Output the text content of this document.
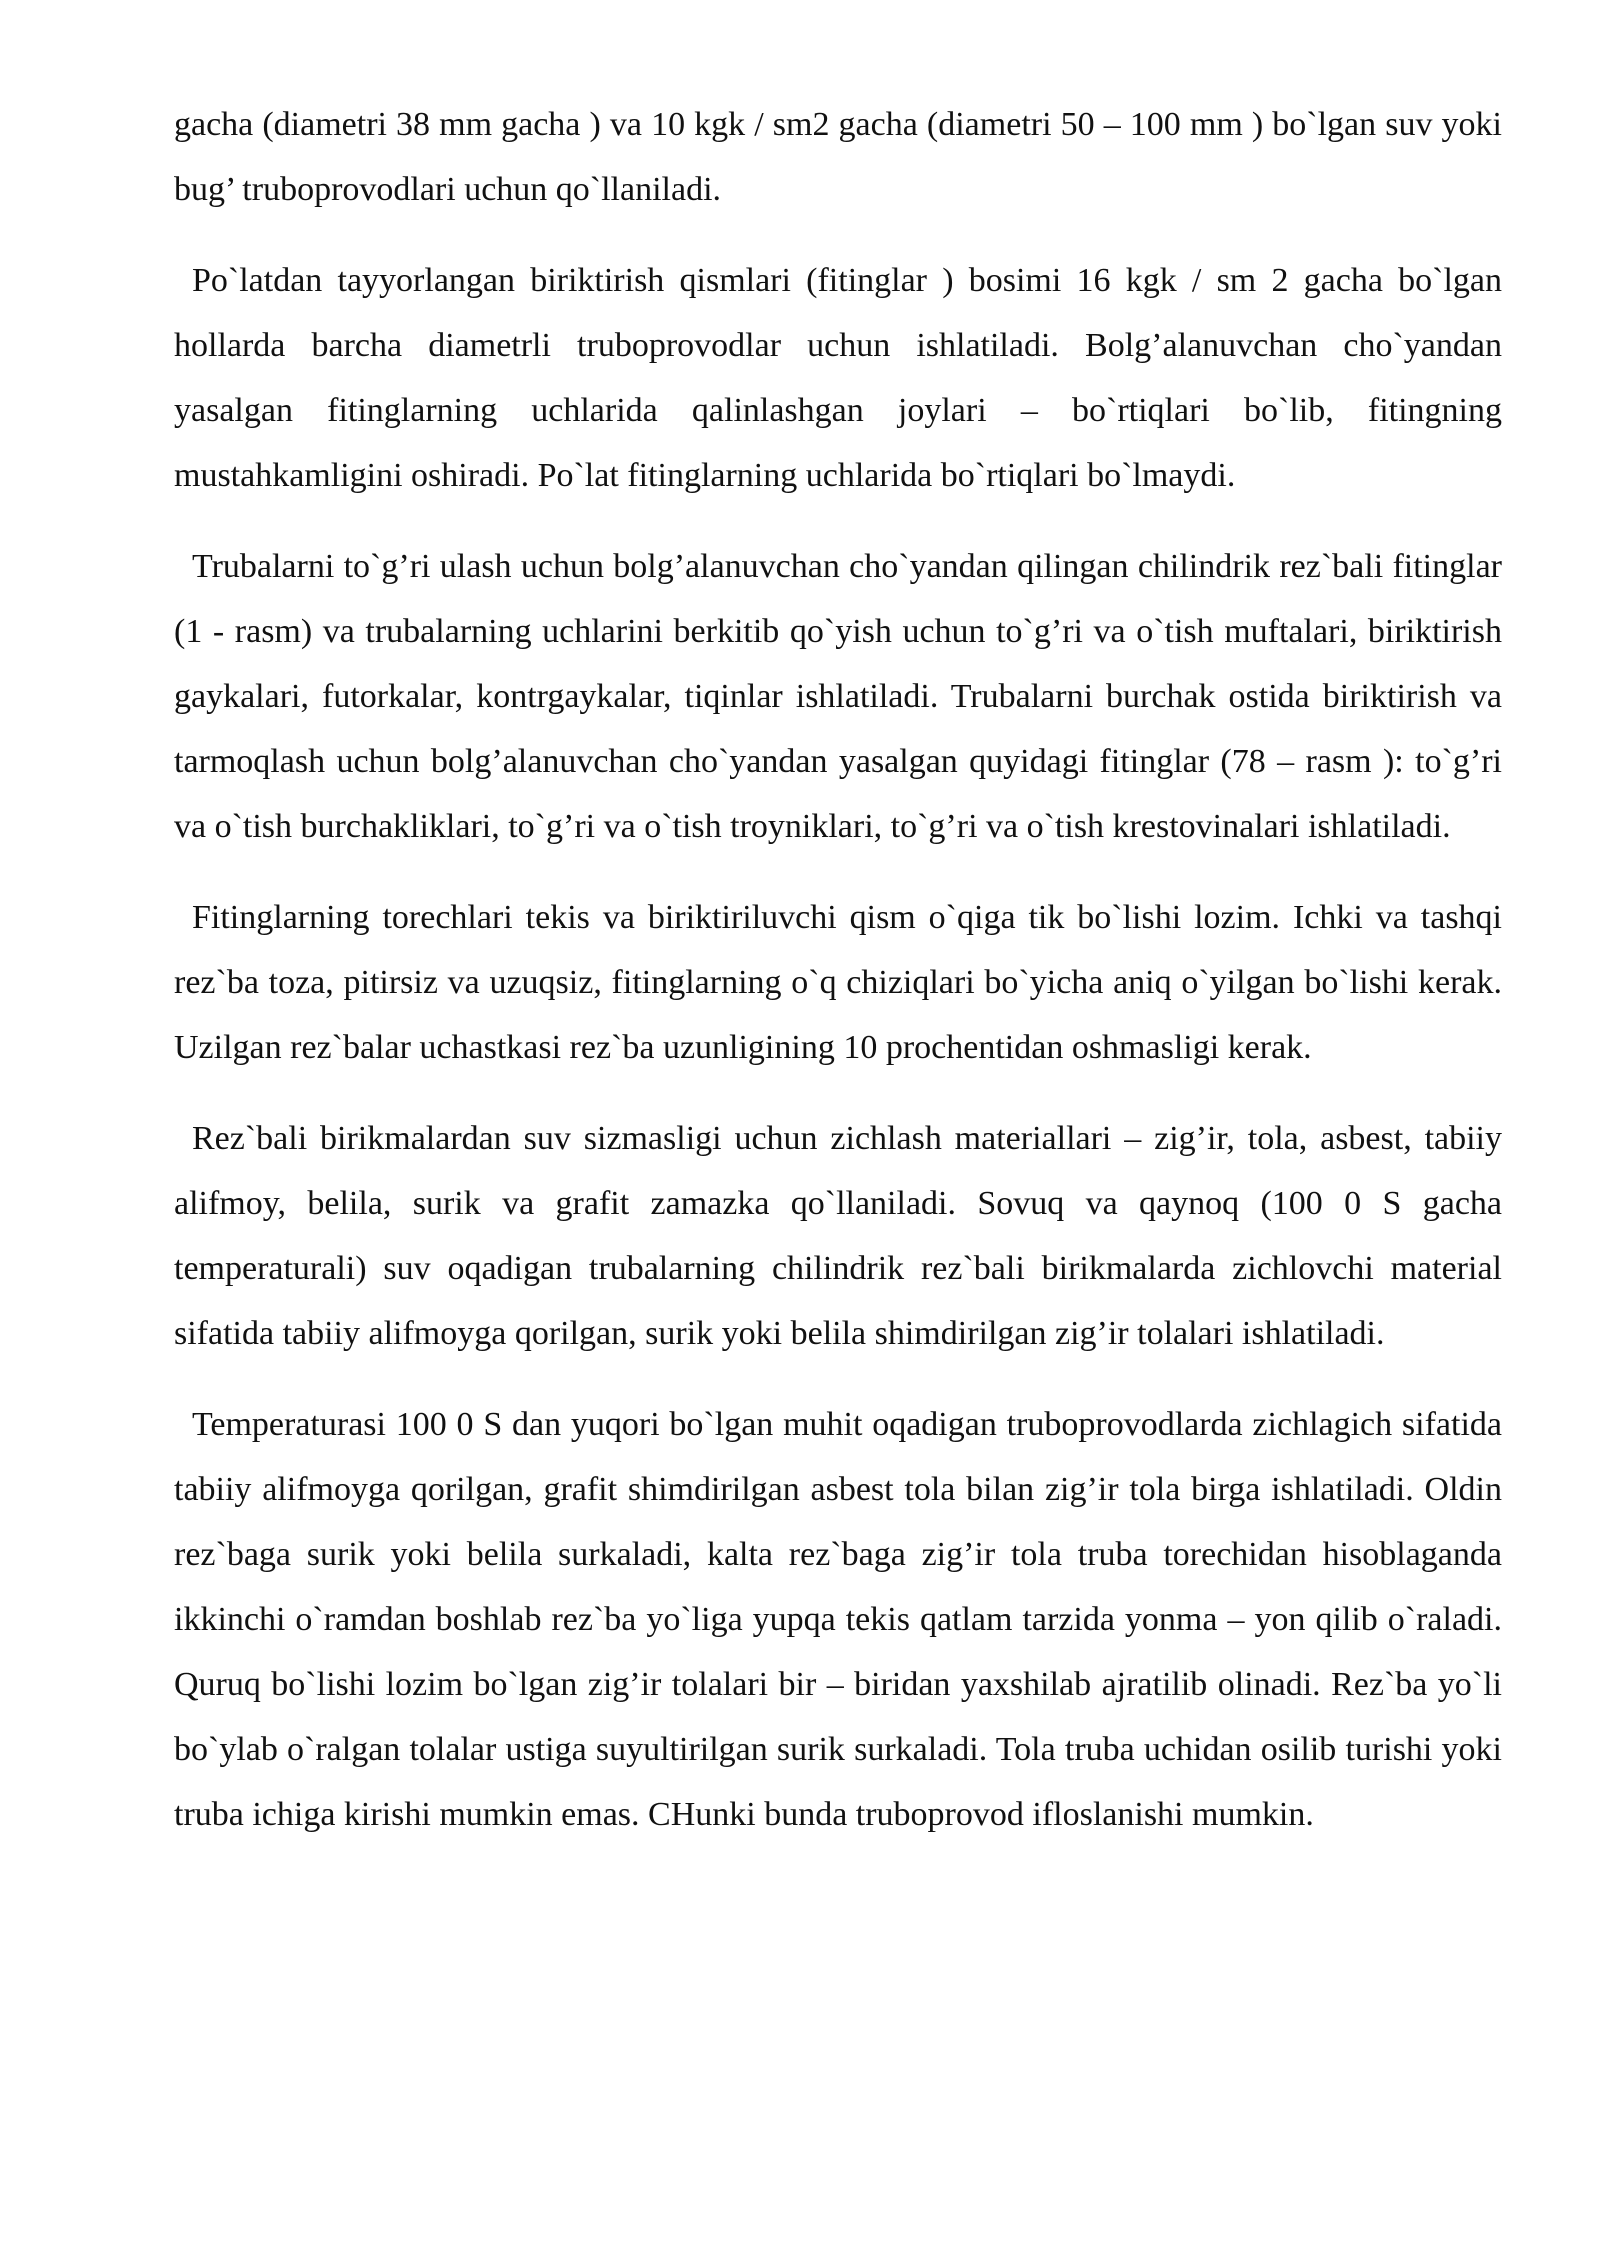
gacha (diametri 38 mm gacha ) va 10 kgk / sm2 gacha (diametri 50 – 100 mm ) bo`lgan suv yoki bug’ truboprovodlari uchun qo`llaniladi.

Po`latdan tayyorlangan biriktirish qismlari (fitinglar ) bosimi 16 kgk / sm 2 gacha bo`lgan hollarda barcha diametrli truboprovodlar uchun ishlatiladi. Bolg’alanuvchan cho`yandan yasalgan fitinglarning uchlarida qalinlashgan joylari – bo`rtiqlari bo`lib, fitingning mustahkamligini oshiradi. Po`lat fitinglarning uchlarida bo`rtiqlari bo`lmaydi.

Trubalarni to`g’ri ulash uchun bolg’alanuvchan cho`yandan qilingan chilindrik rez`bali fitinglar (1 - rasm) va trubalarning uchlarini berkitib qo`yish uchun to`g’ri va o`tish muftalari, biriktirish gaykalari, futorkalar, kontrgaykalar, tiqinlar ishlatiladi. Trubalarni burchak ostida biriktirish va tarmoqlash uchun bolg’alanuvchan cho`yandan yasalgan quyidagi fitinglar (78 – rasm ): to`g’ri va o`tish burchakliklari, to`g’ri va o`tish troyniklari, to`g’ri va o`tish krestovinalari ishlatiladi.

Fitinglarning torechlari tekis va biriktiriluvchi qism o`qiga tik bo`lishi lozim. Ichki va tashqi rez`ba toza, pitirsiz va uzuqsiz, fitinglarning o`q chiziqlari bo`yicha aniq o`yilgan bo`lishi kerak. Uzilgan rez`balar uchastkasi rez`ba uzunligining 10 prochentidan oshmasligi kerak.

Rez`bali birikmalardan suv sizmasligi uchun zichlash materiallari – zig’ir, tola, asbest, tabiiy alifmoy, belila, surik va grafit zamazka qo`llaniladi. Sovuq va qaynoq (100 0 S gacha temperaturali) suv oqadigan trubalarning chilindrik rez`bali birikmalarda zichlovchi material sifatida tabiiy alifmoyga qorilgan, surik yoki belila shimdirilgan zig’ir tolalari ishlatiladi.

Temperaturasi 100 0 S dan yuqori bo`lgan muhit oqadigan truboprovodlarda zichlagich sifatida tabiiy alifmoyga qorilgan, grafit shimdirilgan asbest tola bilan zig’ir tola birga ishlatiladi. Oldin rez`baga surik yoki belila surkaladi, kalta rez`baga zig’ir tola truba torechidan hisoblaganda ikkinchi o`ramdan boshlab rez`ba yo`liga yupqa tekis qatlam tarzida yonma – yon qilib o`raladi. Quruq bo`lishi lozim bo`lgan zig’ir tolalari bir – biridan yaxshilab ajratilib olinadi. Rez`ba yo`li bo`ylab o`ralgan tolalar ustiga suyultirilgan surik surkaladi. Tola truba uchidan osilib turishi yoki truba ichiga kirishi mumkin emas. CHunki bunda truboprovod ifloslanishi mumkin.
